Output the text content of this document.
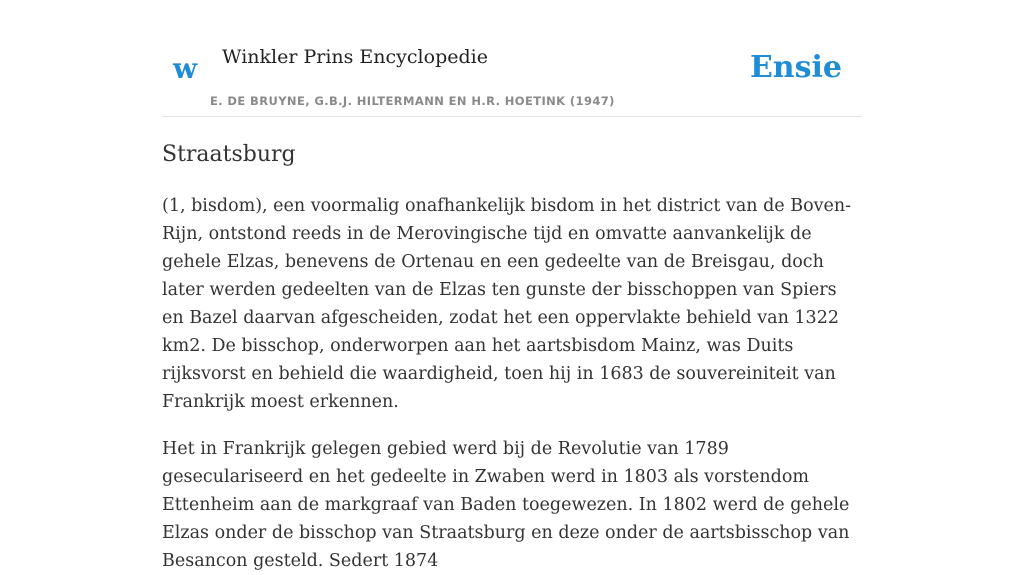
w Winkler Prins Encyclopedie
E. DE BRUYNE, G.B.J. HILTERMANN EN H.R. HOETINK (1947)
Ensie
Straatsburg

(1, bisdom), een voormalig onafhankelijk bisdom in het district van de Boven-Rijn, ontstond reeds in de Merovingische tijd en omvatte aanvankelijk de gehele Elzas, benevens de Ortenau en een gedeelte van de Breisgau, doch later werden gedeelten van de Elzas ten gunste der bisschoppen van Spiers en Bazel daarvan afgescheiden, zodat het een oppervlakte behield van 1322 km2. De bisschop, onderworpen aan het aartsbisdom Mainz, was Duits rijksvorst en behield die waardigheid, toen hij in 1683 de souvereiniteit van Frankrijk moest erkennen.

Het in Frankrijk gelegen gebied werd bij de Revolutie van 1789 geseculariseerd en het gedeelte in Zwaben werd in 1803 als vorstendom Ettenheim aan de markgraaf van Baden toegewezen. In 1802 werd de gehele Elzas onder de bisschop van Straatsburg en deze onder de aartsbisschop van Besancon gesteld. Sedert 1874
